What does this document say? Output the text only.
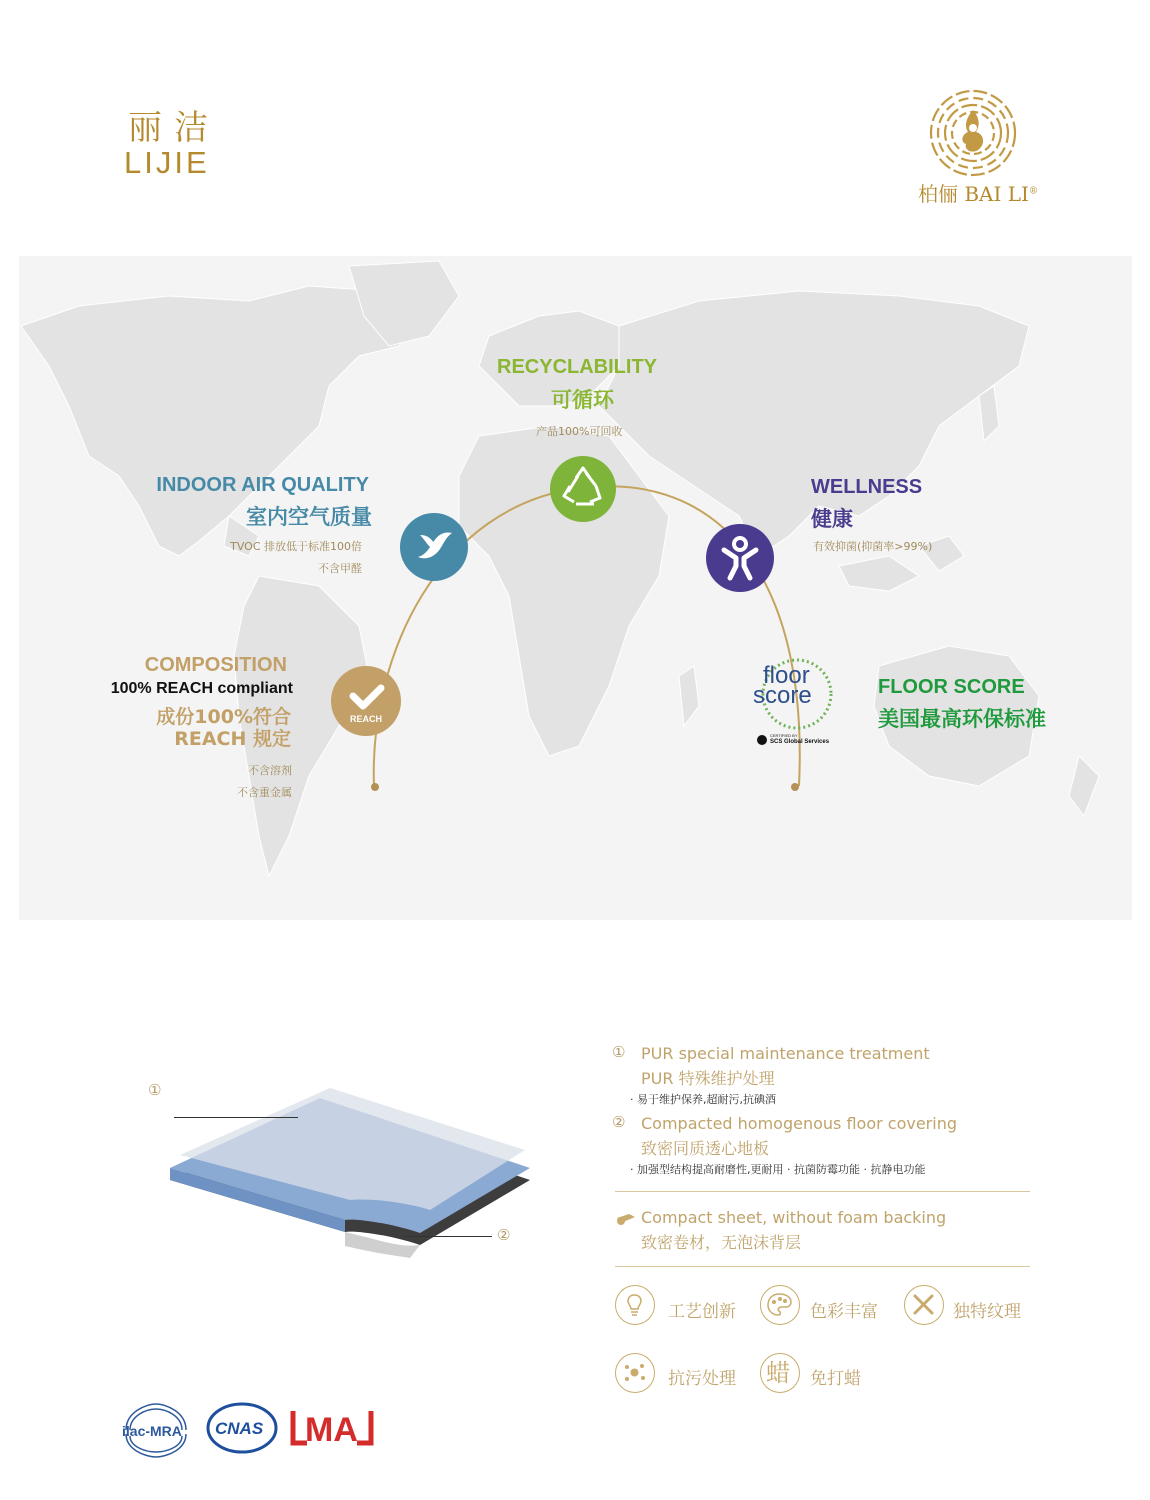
丽洁
LIJIE
柏俪 BAI LI®
REACH
floor
score
CERTIFIED BY
SCS Global Services
RECYCLABILITY
可循环
产品100%可回收
INDOOR AIR QUALITY
室内空气质量
TVOC 排放低于标准100倍
不含甲醛
WELLNESS
健康
有效抑菌(抑菌率>99%)
COMPOSITION
100% REACH compliant
成份100%符合
REACH 规定
不含溶剂
不含重金属
FLOOR SCORE
美国最高环保标准
①
②
① PUR special maintenance treatment
PUR 特殊维护处理
· 易于维护保养,超耐污,抗碘酒
② Compacted homogenous floor covering
致密同质透心地板
· 加强型结构提高耐磨性,更耐用 · 抗菌防霉功能 · 抗静电功能
Compact sheet, without foam backing
致密卷材，无泡沫背层
工艺创新	色彩丰富	独特纹理
抗污处理 蜡 免打蜡
ilac-MRA CNAS MA
